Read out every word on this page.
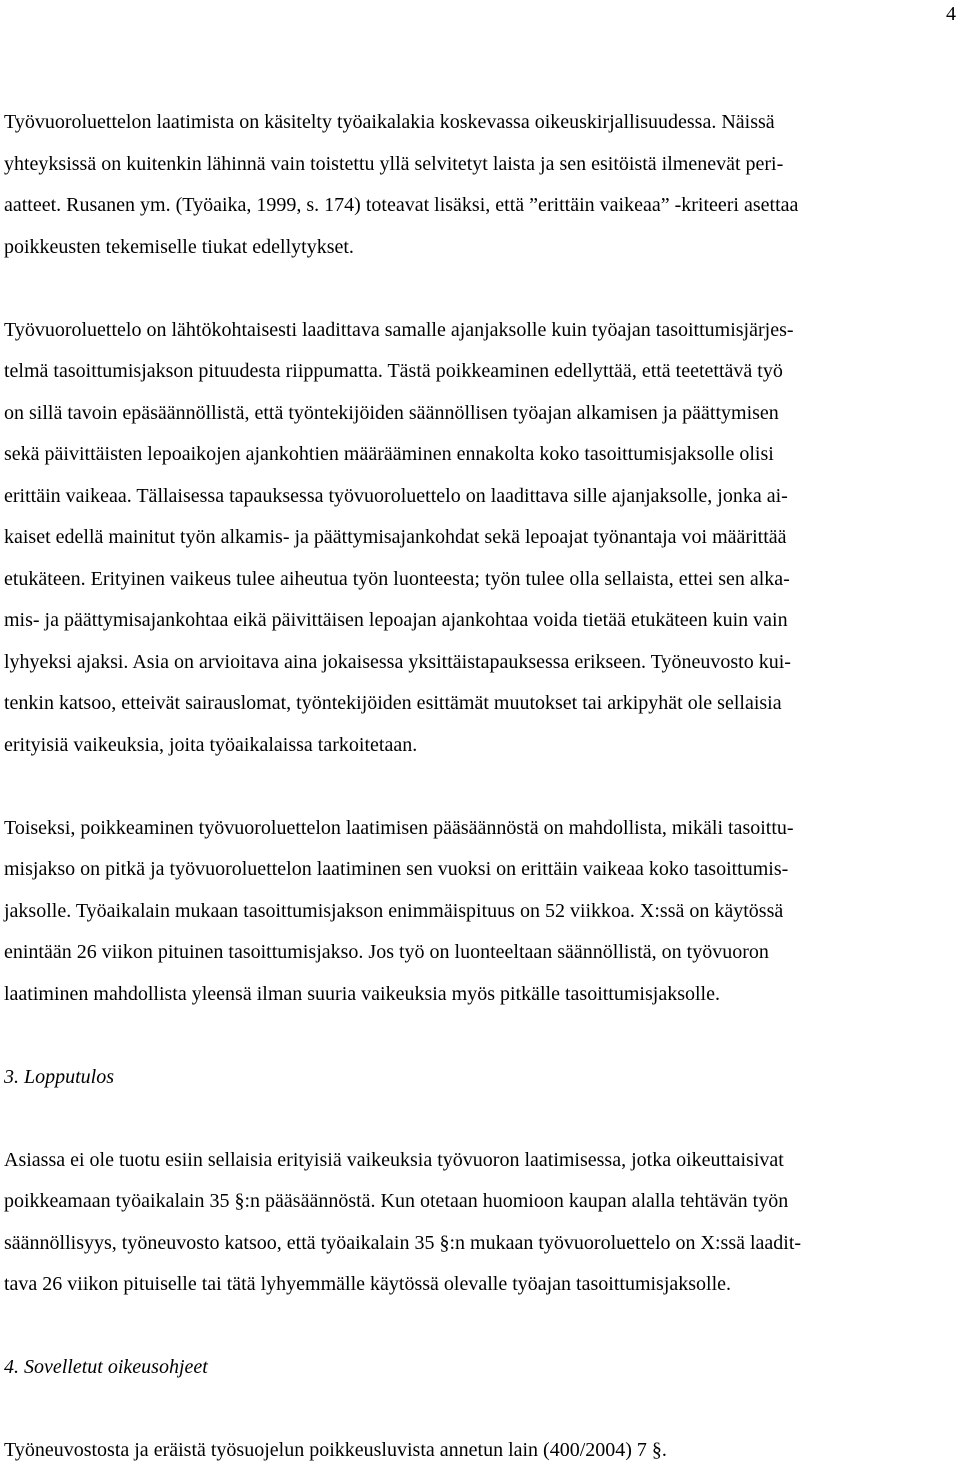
4
Työvuoroluettelon laatimista on käsitelty työaikalakia koskevassa oikeuskirjallisuudessa. Näissä
yhteyksissä on kuitenkin lähinnä vain toistettu yllä selvitetyt laista ja sen esitöistä ilmenevät peri-
aatteet. Rusanen ym. (Työaika, 1999, s. 174) toteavat lisäksi, että ”erittäin vaikeaa” -kriteeri asettaa
poikkeusten tekemiselle tiukat edellytykset.
Työvuoroluettelo on lähtökohtaisesti laadittava samalle ajanjaksolle kuin työajan tasoittumisjärjes-
telmä tasoittumisjakson pituudesta riippumatta. Tästä poikkeaminen edellyttää, että teetettävä työ
on sillä tavoin epäsäännöllistä, että työntekijöiden säännöllisen työajan alkamisen ja päättymisen
sekä päivittäisten lepoaikojen ajankohtien määrääminen ennakolta koko tasoittumisjaksolle olisi
erittäin vaikeaa. Tällaisessa tapauksessa työvuoroluettelo on laadittava sille ajanjaksolle, jonka ai-
kaiset edellä mainitut työn alkamis- ja päättymisajankohdat sekä lepoajat työnantaja voi määrittää
etukäteen. Erityinen vaikeus tulee aiheutua työn luonteesta; työn tulee olla sellaista, ettei sen alka-
mis- ja päättymisajankohtaa eikä päivittäisen lepoajan ajankohtaa voida tietää etukäteen kuin vain
lyhyeksi ajaksi. Asia on arvioitava aina jokaisessa yksittäistapauksessa erikseen. Työneuvosto kui-
tenkin katsoo, etteivät sairauslomat, työntekijöiden esittämät muutokset tai arkipyhät ole sellaisia
erityisiä vaikeuksia, joita työaikalaissa tarkoitetaan.
Toiseksi, poikkeaminen työvuoroluettelon laatimisen pääsäännöstä on mahdollista, mikäli tasoittu-
misjakso on pitkä ja työvuoroluettelon laatiminen sen vuoksi on erittäin vaikeaa koko tasoittumis-
jaksolle. Työaikalain mukaan tasoittumisjakson enimmäispituus on 52 viikkoa. X:ssä on käytössä
enintään 26 viikon pituinen tasoittumisjakso. Jos työ on luonteeltaan säännöllistä, on työvuoron
laatiminen mahdollista yleensä ilman suuria vaikeuksia myös pitkälle tasoittumisjaksolle.
3. Lopputulos
Asiassa ei ole tuotu esiin sellaisia erityisiä vaikeuksia työvuoron laatimisessa, jotka oikeuttaisivat
poikkeamaan työaikalain 35 §:n pääsäännöstä. Kun otetaan huomioon kaupan alalla tehtävän työn
säännöllisyys, työneuvosto katsoo, että työaikalain 35 §:n mukaan työvuoroluettelo on X:ssä laadit-
tava 26 viikon pituiselle tai tätä lyhyemmälle käytössä olevalle työajan tasoittumisjaksolle.
4. Sovelletut oikeusohjeet
Työneuvostosta ja eräistä työsuojelun poikkeusluvista annetun lain (400/2004) 7 §.
